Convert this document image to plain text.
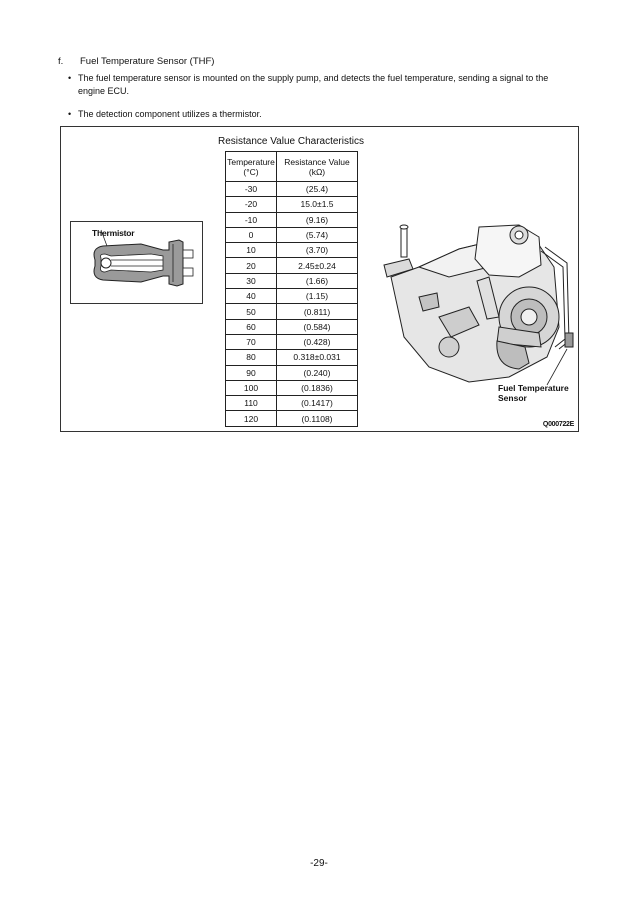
f. Fuel Temperature Sensor (THF)
• The fuel temperature sensor is mounted on the supply pump, and detects the fuel temperature, sending a signal to the
engine ECU.
• The detection component utilizes a thermistor.
Resistance Value Characteristics
Temperature
(°C)	Resistance Value
(kΩ)
-30	(25.4)
-20	15.0±1.5
-10	(9.16)
0	(5.74)
10	(3.70)
20	2.45±0.24
30	(1.66)
40	(1.15)
50	(0.811)
60	(0.584)
70	(0.428)
80	0.318±0.031
90	(0.240)
100	(0.1836)
110	(0.1417)
120	(0.1108)
Thermistor
Fuel Temperature
Sensor
Q000722E
-29-
